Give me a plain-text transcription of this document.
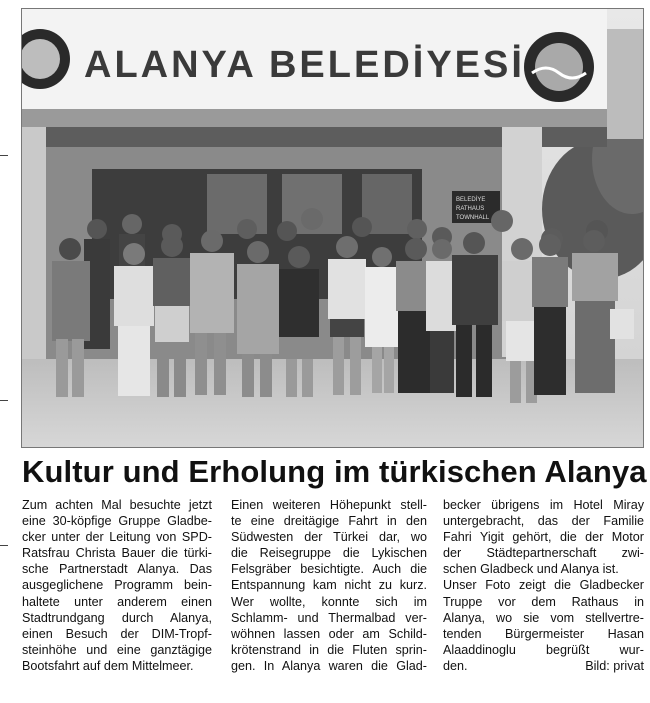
ALANYA BELEDİYESİ
BELEDİYE
RATHAUS
TOWNHALL
Kultur und Erholung im türkischen Alanya
Zum achten Mal besuchte jetzt
eine 30-köpfige Gruppe Gladbe-
cker unter der Leitung von SPD-
Ratsfrau Christa Bauer die türki-
sche Partnerstadt Alanya. Das
ausgeglichene Programm bein-
haltete unter anderem einen
Stadtrundgang durch Alanya,
einen Besuch der DIM-Tropf-
steinhöhe und eine ganztägige
Bootsfahrt auf dem Mittelmeer.
Einen weiteren Höhepunkt stell-
te eine dreitägige Fahrt in den
Südwesten der Türkei dar, wo
die Reisegruppe die Lykischen
Felsgräber besichtigte. Auch die
Entspannung kam nicht zu kurz.
Wer wollte, konnte sich im
Schlamm- und Thermalbad ver-
wöhnen lassen oder am Schild-
krötenstrand in die Fluten sprin-
gen. In Alanya waren die Glad-
becker übrigens im Hotel Miray
untergebracht, das der Familie
Fahri Yigit gehört, die der Motor
der Städtepartnerschaft zwi-
schen Gladbeck und Alanya ist.
Unser Foto zeigt die Gladbecker
Truppe vor dem Rathaus in
Alanya, wo sie vom stellvertre-
tenden Bürgermeister Hasan
Alaaddinoglu begrüßt wur-
den.	Bild: privat
